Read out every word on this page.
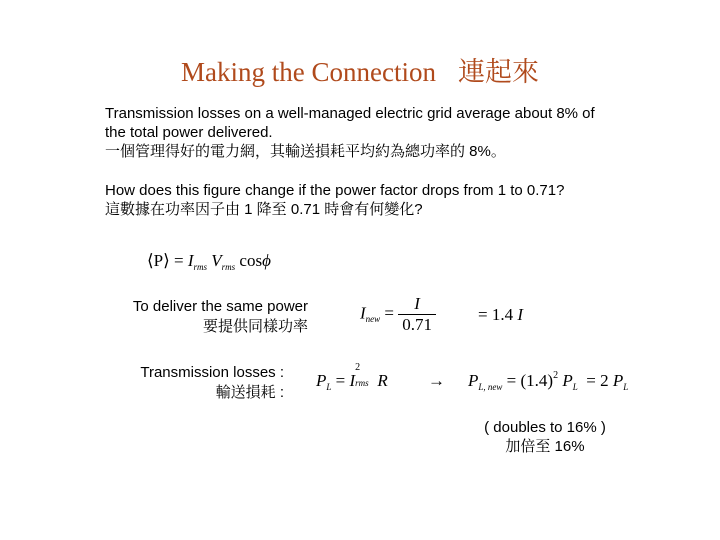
Making the Connection 連起來
Transmission losses on a well-managed electric grid average about 8% of
the total power delivered.
一個管理得好的電力網，其輸送損耗平均約為總功率的 8%。
How does this figure change if the power factor drops from 1 to 0.71?
這數據在功率因子由 1 降至 0.71 時會有何變化?
⟨P⟩ = $I_{rms}$ $V_{rms}$ cosϕ
To deliver the same power
要提供同樣功率
$I_{new} = \frac{I}{0.71} = 1.4$ I
Transmission losses :
輸送損耗 :
$P_L = I$
2
rms $R \to P_{L, new} = (1.4)^2$ $P_L = 2$ $P_L$
( doubles to 16% )
加倍至 16%
